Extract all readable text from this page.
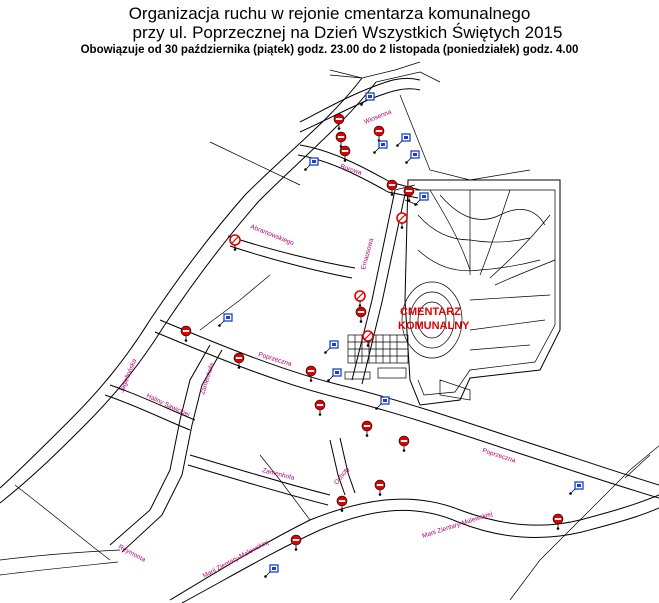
Organizacja ruchu w rejonie cmentarza komunalnego
przy ul. Poprzecznej na Dzień Wszystkich Świętych 2015
Obowiązuje od 30 października (piątek) godz. 23.00 do 2 listopada (poniedziałek) godz. 4.00
Wiosenna
Borowa
Abramowskiego
Emausowa
Jagiellońska	Poprzeczna
Zamenhofa
Haliny Sawickiej
Zamenhofa	Ochoty
Poprzeczna
Marii Zientary-Malewskiej
Marii Zientary-Malewskiej
Reymonta
CMENTARZ
KOMUNALNY
